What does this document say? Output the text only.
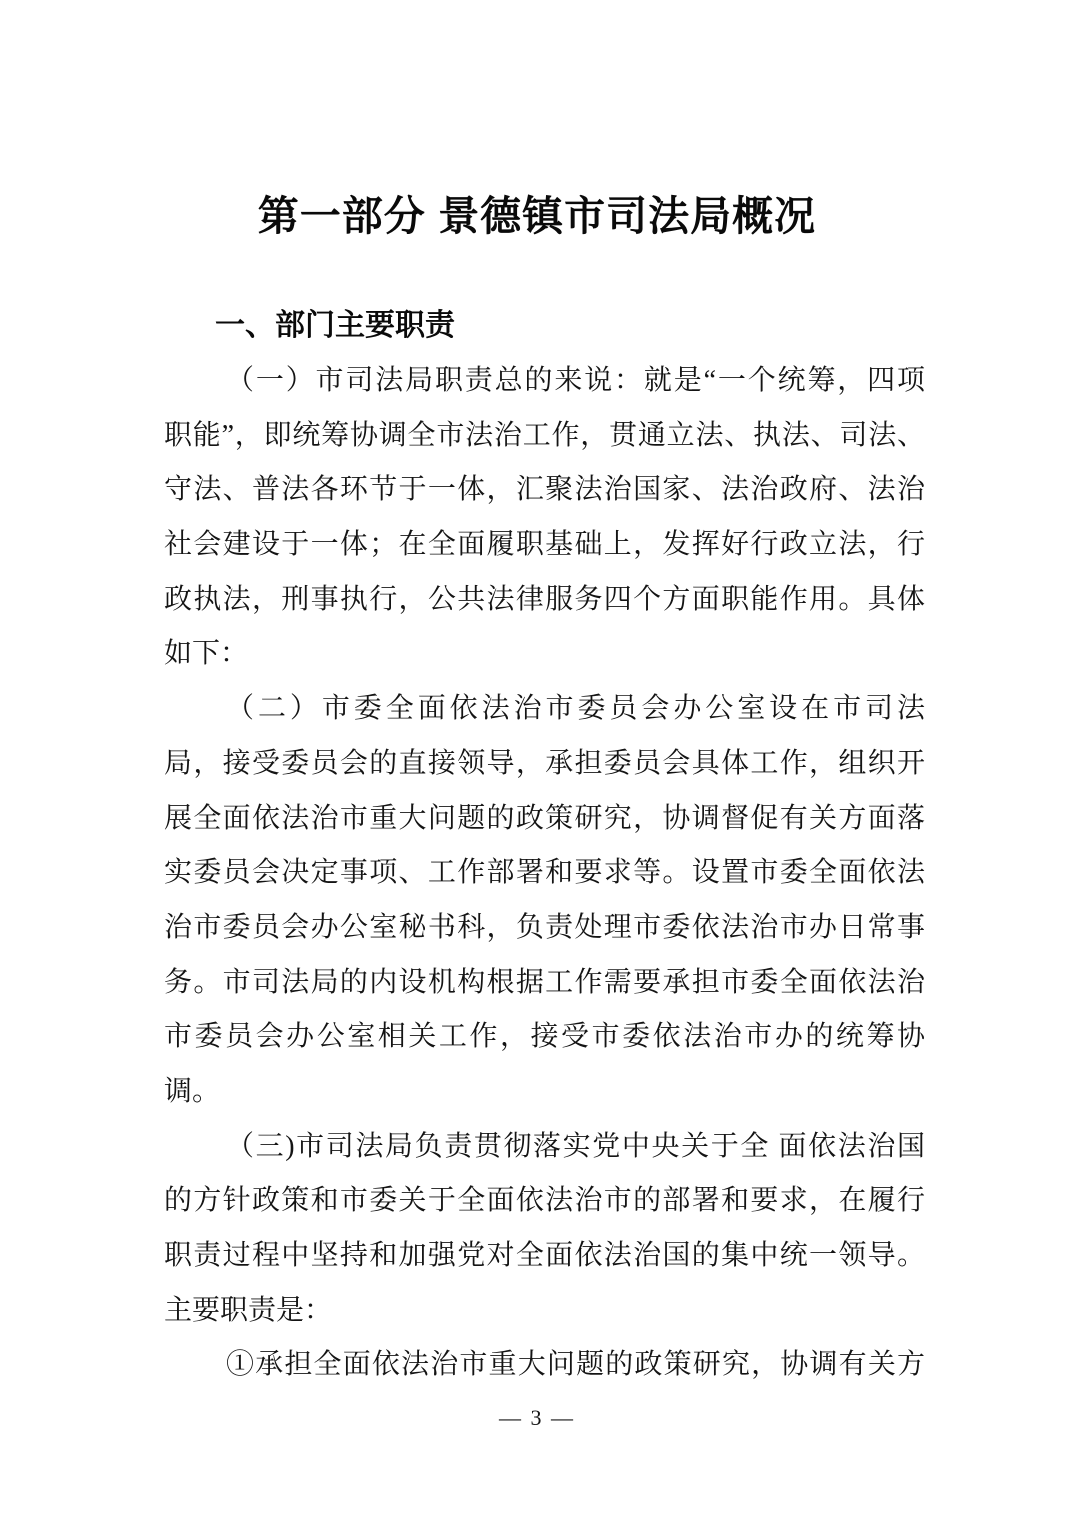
第一部分 景德镇市司法局概况
一、部门主要职责
（一）市司法局职责总的来说：就是“一个统筹，四项
职能”，即统筹协调全市法治工作，贯通立法、执法、司法、
守法、普法各环节于一体，汇聚法治国家、法治政府、法治
社会建设于一体；在全面履职基础上，发挥好行政立法，行
政执法，刑事执行，公共法律服务四个方面职能作用。具体
如下：
（二）市委全面依法治市委员会办公室设在市司法
局，接受委员会的直接领导，承担委员会具体工作，组织开
展全面依法治市重大问题的政策研究，协调督促有关方面落
实委员会决定事项、工作部署和要求等。设置市委全面依法
治市委员会办公室秘书科，负责处理市委依法治市办日常事
务。市司法局的内设机构根据工作需要承担市委全面依法治
市委员会办公室相关工作，接受市委依法治市办的统筹协
调。
（三)市司法局负责贯彻落实党中央关于全 面依法治国
的方针政策和市委关于全面依法治市的部署和要求，在履行
职责过程中坚持和加强党对全面依法治国的集中统一领导。
主要职责是：
①承担全面依法治市重大问题的政策研究，协调有关方
— 3 —
